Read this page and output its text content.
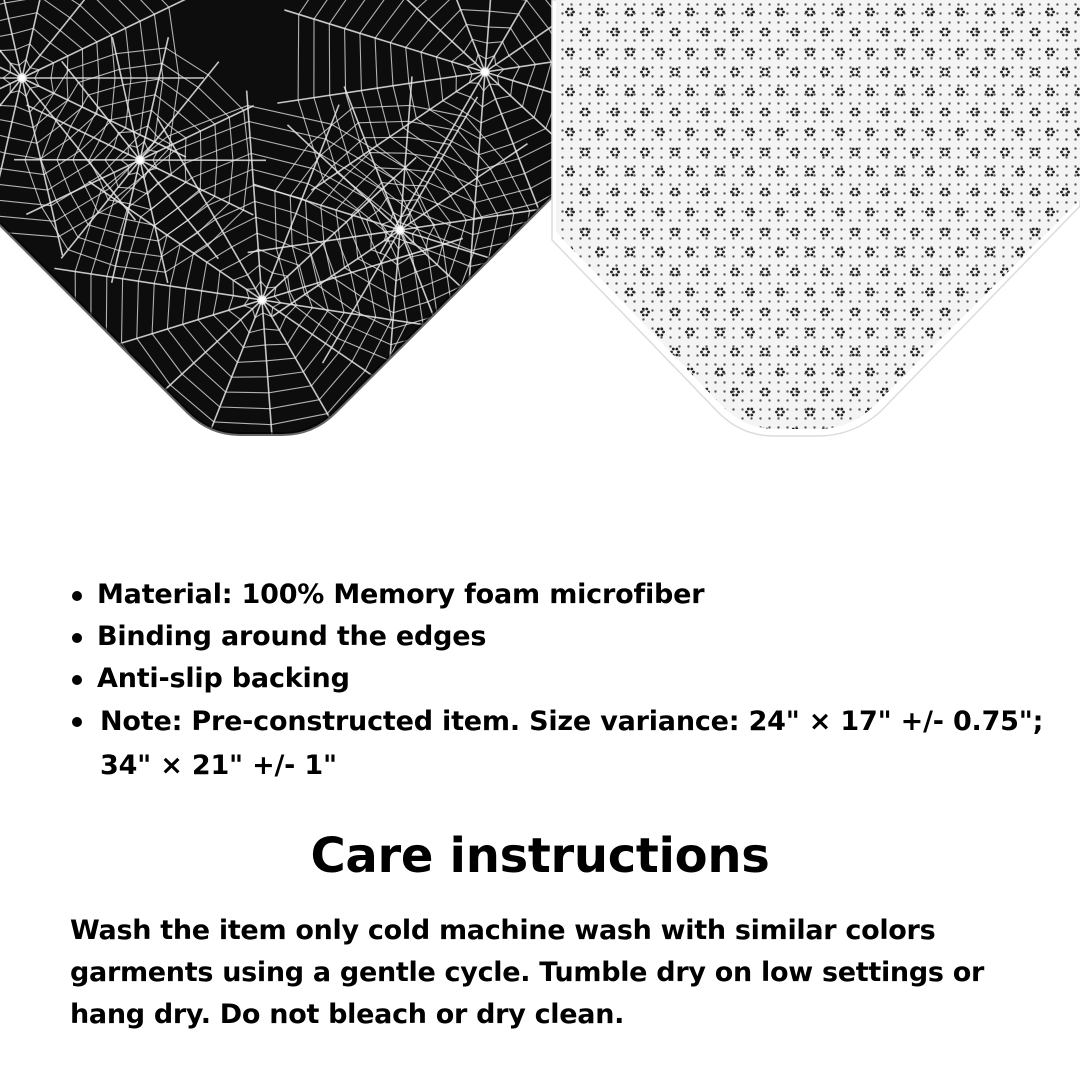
Material: 100% Memory foam microfiber
Binding around the edges
Anti-slip backing
Note: Pre-constructed item. Size variance: 24" × 17" +/- 0.75"; 34" × 21" +/- 1"
Care instructions

Wash the item only cold machine wash with similar colors garments using a gentle cycle. Tumble dry on low settings or hang dry. Do not bleach or dry clean.
